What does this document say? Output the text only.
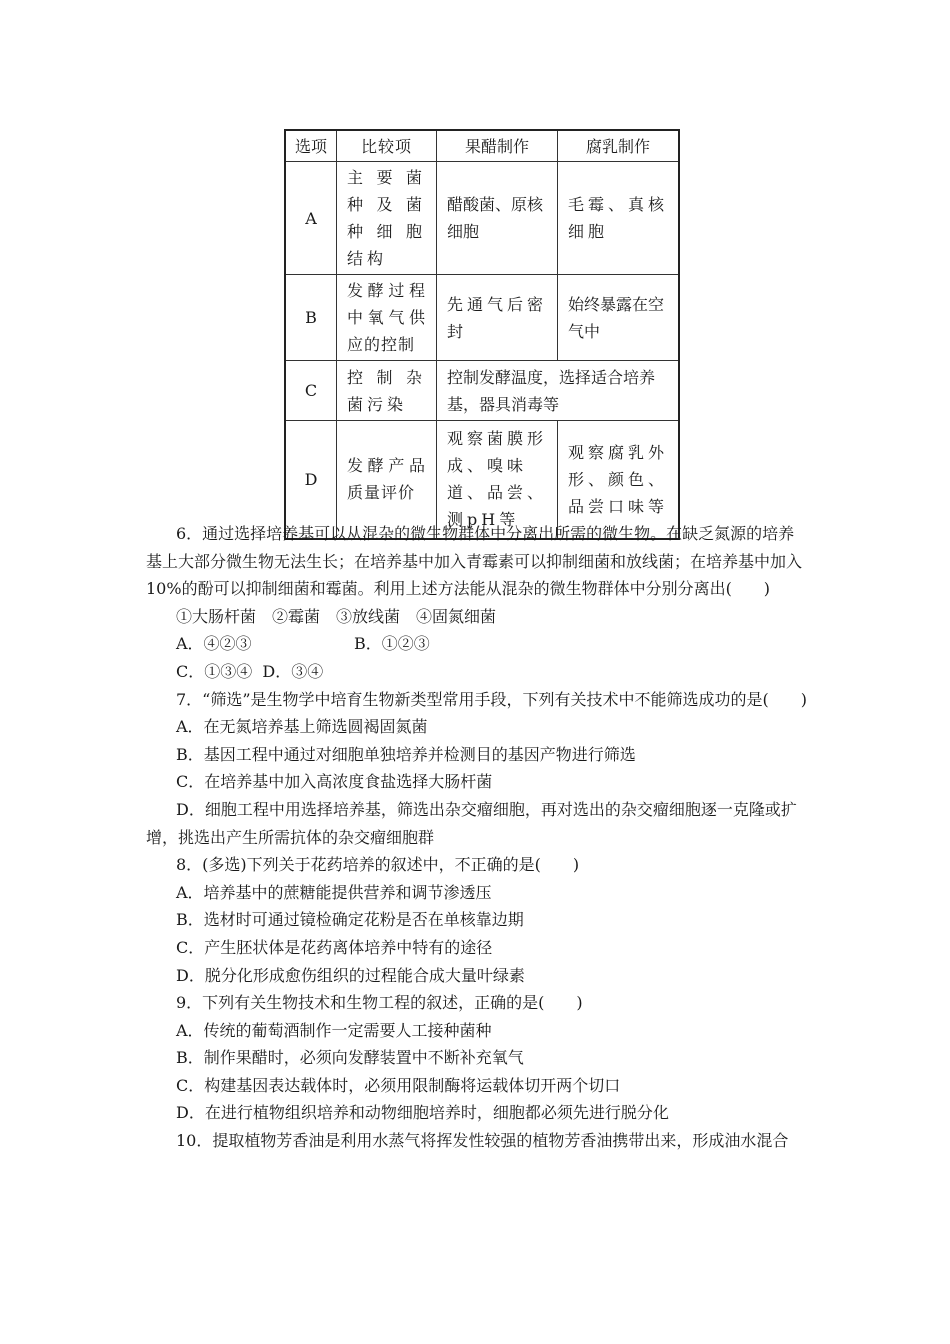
选项	比较项	果醋制作	腐乳制作
A	主要菌种及菌种细胞结构	醋酸菌、原核细胞	毛霉、真核细胞
B	发酵过程中氧气供应的控制	先通气后密封	始终暴露在空气中
C	控制杂菌污染	控制发酵温度，选择适合培养基，器具消毒等	
D	发酵产品质量评价	观察菌膜形成、嗅味道、品尝、测pH等	观察腐乳外形、颜色、品尝口味等

6．通过选择培养基可以从混杂的微生物群体中分离出所需的微生物。在缺乏氮源的培养基上大部分微生物无法生长；在培养基中加入青霉素可以抑制细菌和放线菌；在培养基中加入10%的酚可以抑制细菌和霉菌。利用上述方法能从混杂的微生物群体中分别分离出(　　)

①大肠杆菌　②霉菌　③放线菌　④固氮细菌

A．④②③	B．①②③

C．①③④ D．③④

7．“筛选”是生物学中培育生物新类型常用手段，下列有关技术中不能筛选成功的是(　　)

A．在无氮培养基上筛选圆褐固氮菌

B．基因工程中通过对细胞单独培养并检测目的基因产物进行筛选

C．在培养基中加入高浓度食盐选择大肠杆菌

D．细胞工程中用选择培养基，筛选出杂交瘤细胞，再对选出的杂交瘤细胞逐一克隆或扩增，挑选出产生所需抗体的杂交瘤细胞群

8．(多选)下列关于花药培养的叙述中，不正确的是(　　)

A．培养基中的蔗糖能提供营养和调节渗透压

B．选材时可通过镜检确定花粉是否在单核靠边期

C．产生胚状体是花药离体培养中特有的途径

D．脱分化形成愈伤组织的过程能合成大量叶绿素

9．下列有关生物技术和生物工程的叙述，正确的是(　　)

A．传统的葡萄酒制作一定需要人工接种菌种

B．制作果醋时，必须向发酵装置中不断补充氧气

C．构建基因表达载体时，必须用限制酶将运载体切开两个切口

D．在进行植物组织培养和动物细胞培养时，细胞都必须先进行脱分化

10．提取植物芳香油是利用水蒸气将挥发性较强的植物芳香油携带出来，形成油水混合
